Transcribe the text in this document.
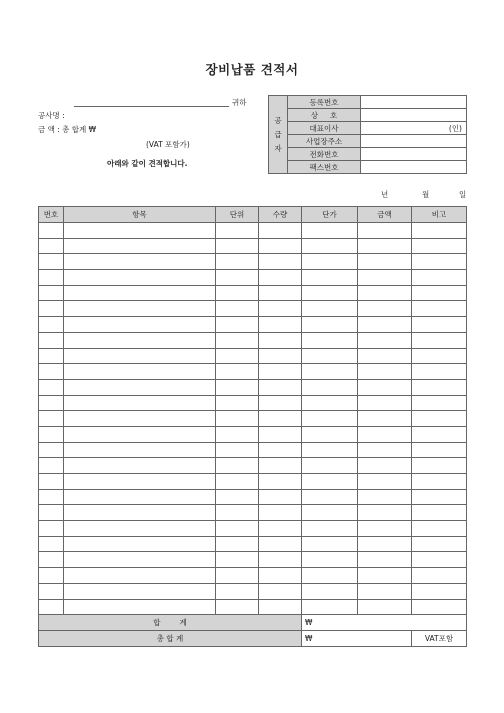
장비납품 견적서
귀하
공사명 :
금 액 : 총 합계 ₩
(VAT 포함가)
아래와 같이 견적합니다.
공
급
자	등록번호	
	상     호	
	대표이사	(인)
	사업장주소	
	전화번호	
	팩스번호	
년	월	일
번호	항목	단위	수량	단가	금액	비고

합        계				₩		
총 합 계				₩		VAT포함
